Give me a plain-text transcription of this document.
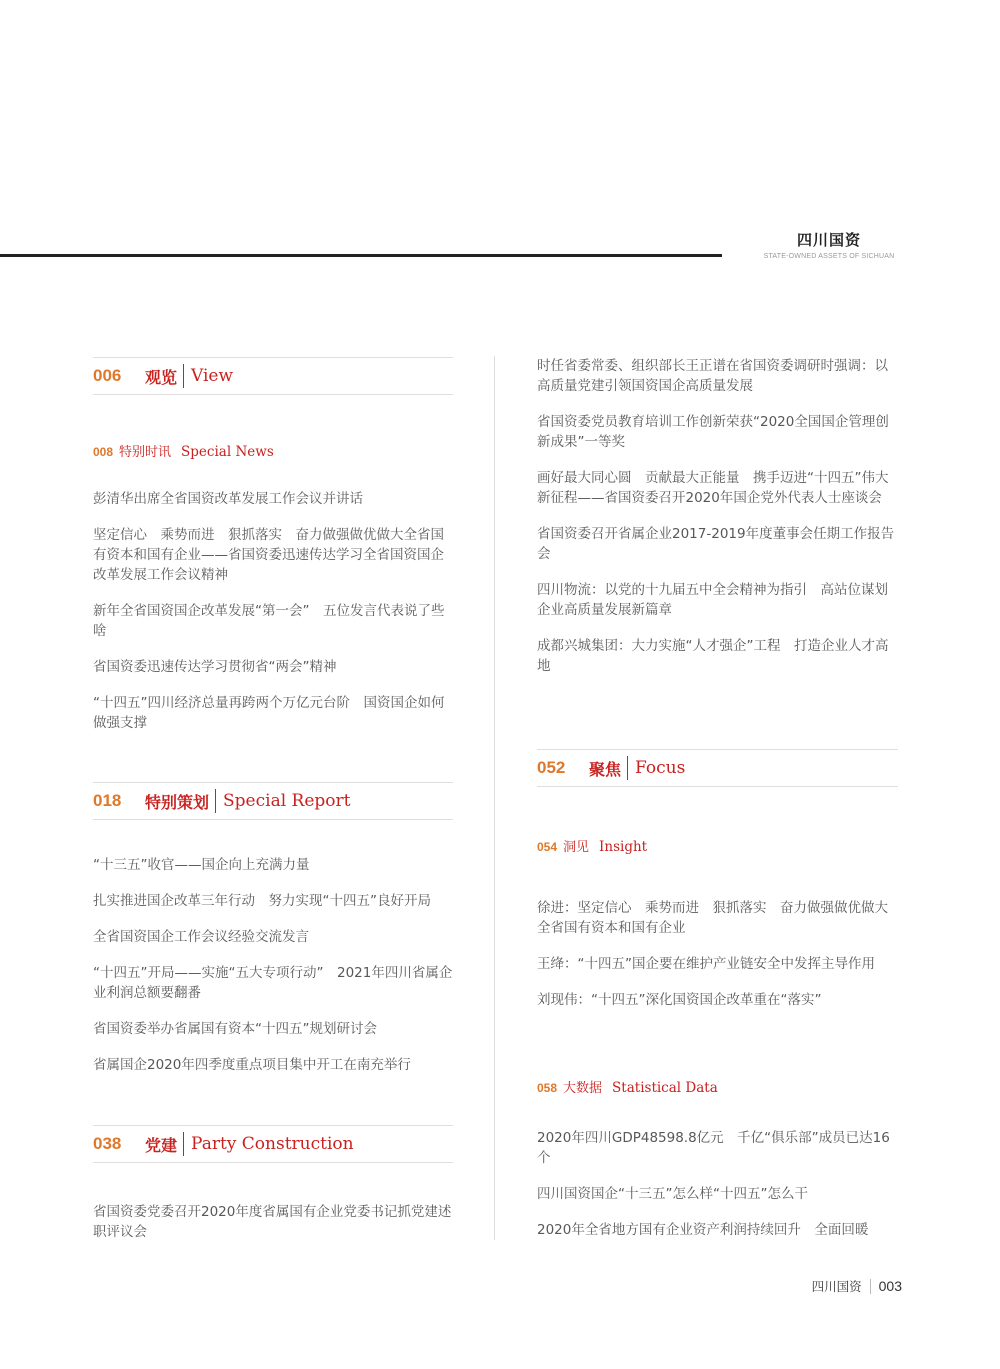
四川国资
STATE-OWNED ASSETS OF SICHUAN
006	观览 View
008 特别时讯 Special News

彭清华出席全省国资改革发展工作会议并讲话

坚定信心　乘势而进　狠抓落实　奋力做强做优做大全省国有资本和国有企业——省国资委迅速传达学习全省国资国企改革发展工作会议精神

新年全省国资国企改革发展“第一会”　五位发言代表说了些啥

省国资委迅速传达学习贯彻省“两会”精神

“十四五”四川经济总量再跨两个万亿元台阶　国资国企如何做强支撑

018	特别策划 Special Report

“十三五”收官——国企向上充满力量

扎实推进国企改革三年行动　努力实现“十四五”良好开局

全省国资国企工作会议经验交流发言

“十四五”开局——实施“五大专项行动”　2021年四川省属企业利润总额要翻番

省国资委举办省属国有资本“十四五”规划研讨会

省属国企2020年四季度重点项目集中开工在南充举行

038	党建 Party Construction

省国资委党委召开2020年度省属国有企业党委书记抓党建述职评议会

时任省委常委、组织部长王正谱在省国资委调研时强调：以高质量党建引领国资国企高质量发展

省国资委党员教育培训工作创新荣获“2020全国国企管理创新成果”一等奖

画好最大同心圆　贡献最大正能量　携手迈进“十四五”伟大新征程——省国资委召开2020年国企党外代表人士座谈会

省国资委召开省属企业2017-2019年度董事会任期工作报告会

四川物流：以党的十九届五中全会精神为指引　高站位谋划企业高质量发展新篇章

成都兴城集团：大力实施“人才强企”工程　打造企业人才高地

052	聚焦 Focus
054 洞见 Insight

徐进：坚定信心　乘势而进　狠抓落实　奋力做强做优做大全省国有资本和国有企业

王绛：“十四五”国企要在维护产业链安全中发挥主导作用

刘现伟：“十四五”深化国资国企改革重在“落实”

058 大数据 Statistical Data

2020年四川GDP48598.8亿元　千亿“俱乐部”成员已达16个

四川国资国企“十三五”怎么样“十四五”怎么干

2020年全省地方国有企业资产利润持续回升　全面回暖

四川国资 003
